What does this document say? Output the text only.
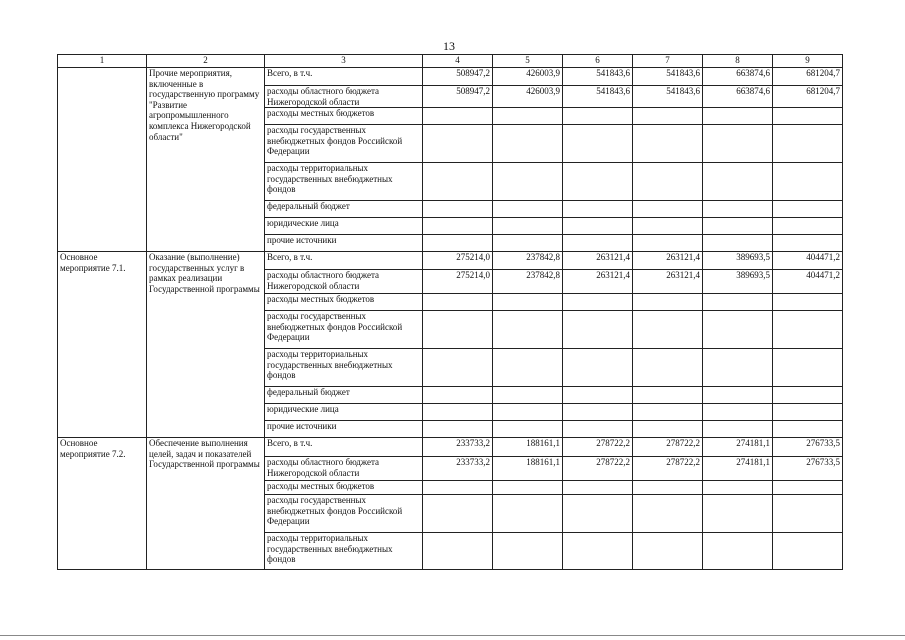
13
1	2	3	4	5	6	7	8	9
	Прочие мероприятия, включенные в государственную программу "Развитие агропромышленного комплекса Нижегородской области"	Всего, в т.ч.	508947,2	426003,9	541843,6	541843,6	663874,6	681204,7
		расходы областного бюджета Нижегородской области	508947,2	426003,9	541843,6	541843,6	663874,6	681204,7
		расходы местных бюджетов						
		расходы государственных внебюджетных фондов Российской Федерации						
		расходы территориальных государственных внебюджетных фондов						
		федеральный бюджет						
		юридические лица						
		прочие источники						
Основное мероприятие 7.1.	Оказание (выполнение) государственных услуг в рамках реализации Государственной программы	Всего, в т.ч.	275214,0	237842,8	263121,4	263121,4	389693,5	404471,2
		расходы областного бюджета Нижегородской области	275214,0	237842,8	263121,4	263121,4	389693,5	404471,2
		расходы местных бюджетов						
		расходы государственных внебюджетных фондов Российской Федерации						
		расходы территориальных государственных внебюджетных фондов						
		федеральный бюджет						
		юридические лица						
		прочие источники						
Основное мероприятие 7.2.	Обеспечение выполнения целей, задач и показателей Государственной программы	Всего, в т.ч.	233733,2	188161,1	278722,2	278722,2	274181,1	276733,5
		расходы областного бюджета Нижегородской области	233733,2	188161,1	278722,2	278722,2	274181,1	276733,5
		расходы местных бюджетов						
		расходы государственных внебюджетных фондов Российской Федерации						
		расходы территориальных государственных внебюджетных фондов						
